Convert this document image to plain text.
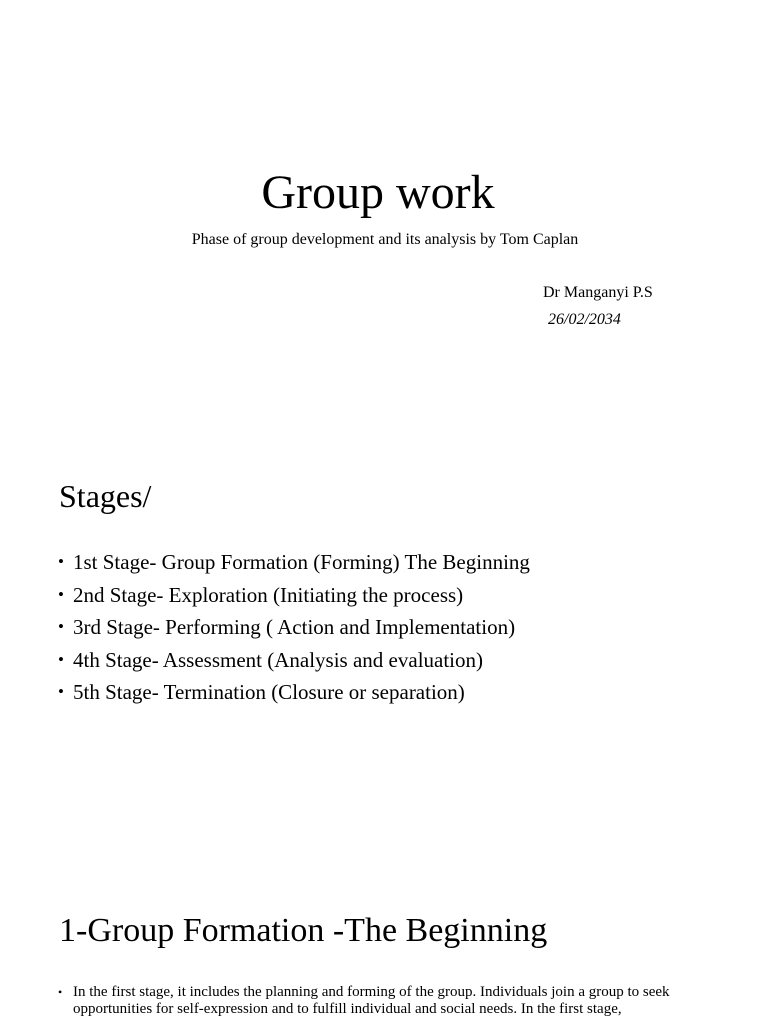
Group work
Phase of group development and its analysis by Tom Caplan
Dr Manganyi P.S
26/02/2034
Stages/
• 1st Stage- Group Formation (Forming) The Beginning
• 2nd Stage- Exploration (Initiating the process)
• 3rd Stage- Performing ( Action and Implementation)
• 4th Stage- Assessment (Analysis and evaluation)
• 5th Stage- Termination (Closure or separation)
1-Group Formation -The Beginning
• In the first stage, it includes the planning and forming of the group. Individuals join a group to seek opportunities for self-expression and to fulfill individual and social needs. In the first stage,
